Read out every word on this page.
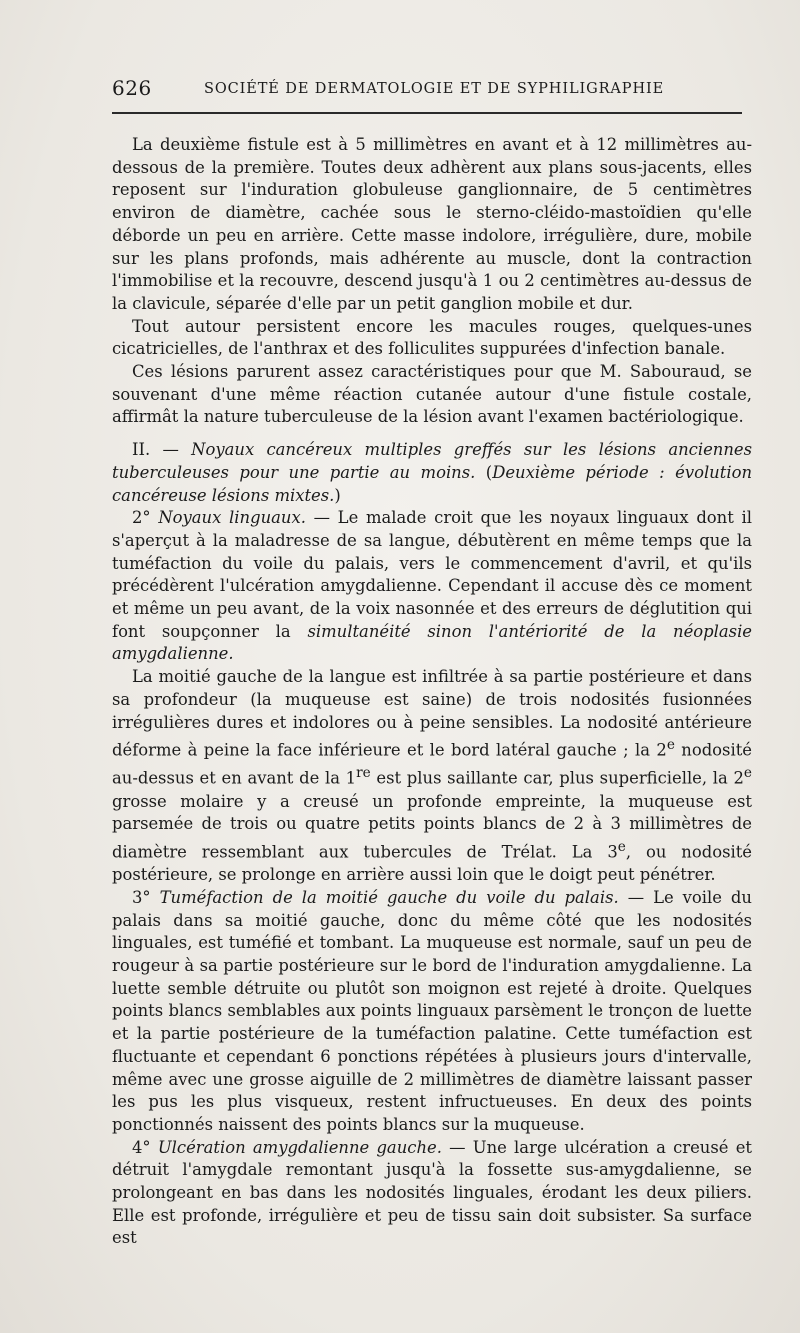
626	SOCIÉTÉ DE DERMATOLOGIE ET DE SYPHILIGRAPHIE

La deuxième fistule est à 5 millimètres en avant et à 12 millimètres au-dessous de la première. Toutes deux adhèrent aux plans sous-jacents, elles reposent sur l'induration globuleuse ganglionnaire, de 5 centimètres environ de diamètre, cachée sous le sterno-cléido-mastoïdien qu'elle déborde un peu en arrière. Cette masse indolore, irrégulière, dure, mobile sur les plans profonds, mais adhérente au muscle, dont la contraction l'immobilise et la recouvre, descend jusqu'à 1 ou 2 centimètres au-dessus de la clavicule, séparée d'elle par un petit ganglion mobile et dur.

Tout autour persistent encore les macules rouges, quelques-unes cicatricielles, de l'anthrax et des folliculites suppurées d'infection banale.

Ces lésions parurent assez caractéristiques pour que M. Sabouraud, se souvenant d'une même réaction cutanée autour d'une fistule costale, affirmât la nature tuberculeuse de la lésion avant l'examen bactériologique.

II. — Noyaux cancéreux multiples greffés sur les lésions anciennes tuberculeuses pour une partie au moins. (Deuxième période : évolution cancéreuse lésions mixtes.)

2° Noyaux linguaux. — Le malade croit que les noyaux linguaux dont il s'aperçut à la maladresse de sa langue, débutèrent en même temps que la tuméfaction du voile du palais, vers le commencement d'avril, et qu'ils précédèrent l'ulcération amygdalienne. Cependant il accuse dès ce moment et même un peu avant, de la voix nasonnée et des erreurs de déglutition qui font soupçonner la simultanéité sinon l'antériorité de la néoplasie amygdalienne.

La moitié gauche de la langue est infiltrée à sa partie postérieure et dans sa profondeur (la muqueuse est saine) de trois nodosités fusionnées irrégulières dures et indolores ou à peine sensibles. La nodosité antérieure déforme à peine la face inférieure et le bord latéral gauche ; la 2e nodosité au-dessus et en avant de la 1re est plus saillante car, plus superficielle, la 2e grosse molaire y a creusé un profonde empreinte, la muqueuse est parsemée de trois ou quatre petits points blancs de 2 à 3 millimètres de diamètre ressemblant aux tubercules de Trélat. La 3e, ou nodosité postérieure, se prolonge en arrière aussi loin que le doigt peut pénétrer.

3° Tuméfaction de la moitié gauche du voile du palais. — Le voile du palais dans sa moitié gauche, donc du même côté que les nodosités linguales, est tuméfié et tombant. La muqueuse est normale, sauf un peu de rougeur à sa partie postérieure sur le bord de l'induration amygdalienne. La luette semble détruite ou plutôt son moignon est rejeté à droite. Quelques points blancs semblables aux points linguaux parsèment le tronçon de luette et la partie postérieure de la tuméfaction palatine. Cette tuméfaction est fluctuante et cependant 6 ponctions répétées à plusieurs jours d'intervalle, même avec une grosse aiguille de 2 millimètres de diamètre laissant passer les pus les plus visqueux, restent infructueuses. En deux des points ponctionnés naissent des points blancs sur la muqueuse.

4° Ulcération amygdalienne gauche. — Une large ulcération a creusé et détruit l'amygdale remontant jusqu'à la fossette sus-amygdalienne, se prolongeant en bas dans les nodosités linguales, érodant les deux piliers. Elle est profonde, irrégulière et peu de tissu sain doit subsister. Sa surface est
